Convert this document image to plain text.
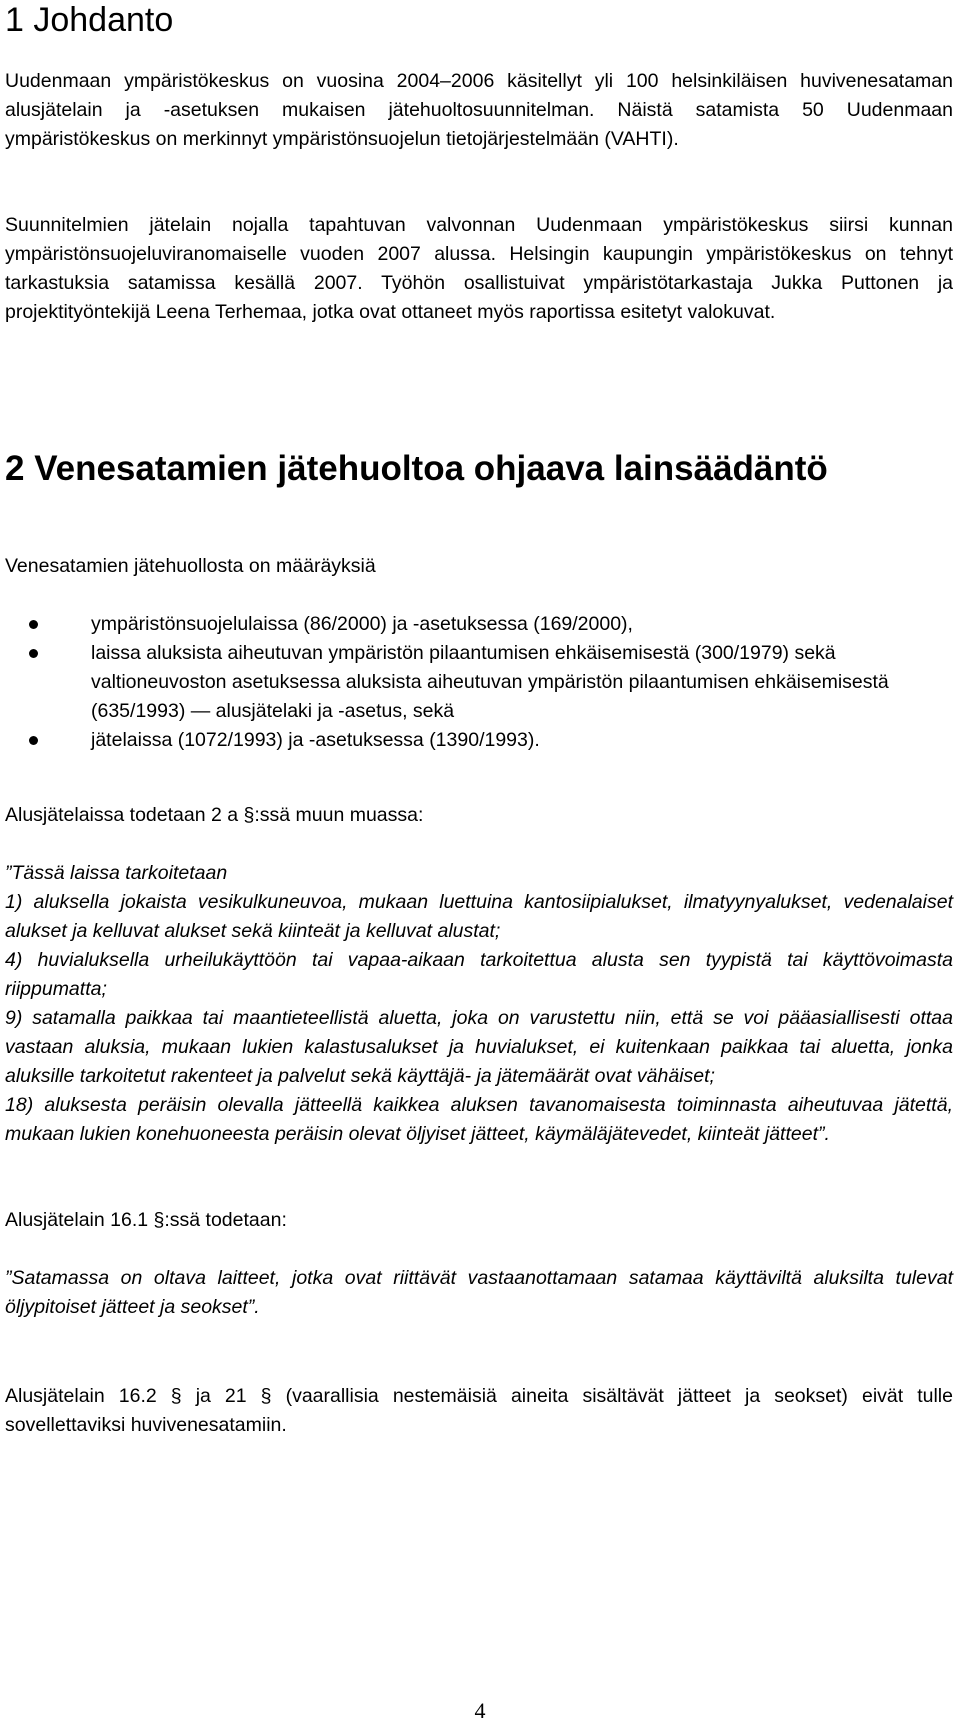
1 Johdanto

Uudenmaan ympäristökeskus on vuosina 2004–2006 käsitellyt yli 100 helsinkiläisen huvivenesataman alusjätelain ja -asetuksen mukaisen jätehuoltosuunnitelman. Näistä satamista 50 Uudenmaan ympäristökeskus on merkinnyt ympäristönsuojelun tietojärjestelmään (VAHTI).

Suunnitelmien jätelain nojalla tapahtuvan valvonnan Uudenmaan ympäristökeskus siirsi kunnan ympäristönsuojeluviranomaiselle vuoden 2007 alussa. Helsingin kaupungin ympäristökeskus on tehnyt tarkastuksia satamissa kesällä 2007. Työhön osallistuivat ympäristötarkastaja Jukka Puttonen ja projektityöntekijä Leena Terhemaa, jotka ovat ottaneet myös raportissa esitetyt valokuvat.

2 Venesatamien jätehuoltoa ohjaava lainsäädäntö

Venesatamien jätehuollosta on määräyksiä

ympäristönsuojelulaissa (86/2000) ja -asetuksessa (169/2000),
laissa aluksista aiheutuvan ympäristön pilaantumisen ehkäisemisestä (300/1979) sekä valtioneuvoston asetuksessa aluksista aiheutuvan ympäristön pilaantumisen ehkäisemisestä (635/1993) — alusjätelaki ja -asetus, sekä
jätelaissa (1072/1993) ja -asetuksessa (1390/1993).

Alusjätelaissa todetaan 2 a §:ssä muun muassa:

”Tässä laissa tarkoitetaan

1) aluksella jokaista vesikulkuneuvoa, mukaan luettuina kantosiipialukset, ilmatyynyalukset, vedenalaiset alukset ja kelluvat alukset sekä kiinteät ja kelluvat alustat;

4) huvialuksella urheilukäyttöön tai vapaa-aikaan tarkoitettua alusta sen tyypistä tai käyttövoimasta riippumatta;

9) satamalla paikkaa tai maantieteellistä aluetta, joka on varustettu niin, että se voi pääasiallisesti ottaa vastaan aluksia, mukaan lukien kalastusalukset ja huvialukset, ei kuitenkaan paikkaa tai aluetta, jonka aluksille tarkoitetut rakenteet ja palvelut sekä käyttäjä- ja jätemäärät ovat vähäiset;

18) aluksesta peräisin olevalla jätteellä kaikkea aluksen tavanomaisesta toiminnasta aiheutuvaa jätettä, mukaan lukien konehuoneesta peräisin olevat öljyiset jätteet, käymäläjätevedet, kiinteät jätteet”.

Alusjätelain 16.1 §:ssä todetaan:

”Satamassa on oltava laitteet, jotka ovat riittävät vastaanottamaan satamaa käyttäviltä aluksilta tulevat öljypitoiset jätteet ja seokset”.

Alusjätelain 16.2 § ja 21 § (vaarallisia nestemäisiä aineita sisältävät jätteet ja seokset) eivät tulle sovellettaviksi huvivenesatamiin.

4
